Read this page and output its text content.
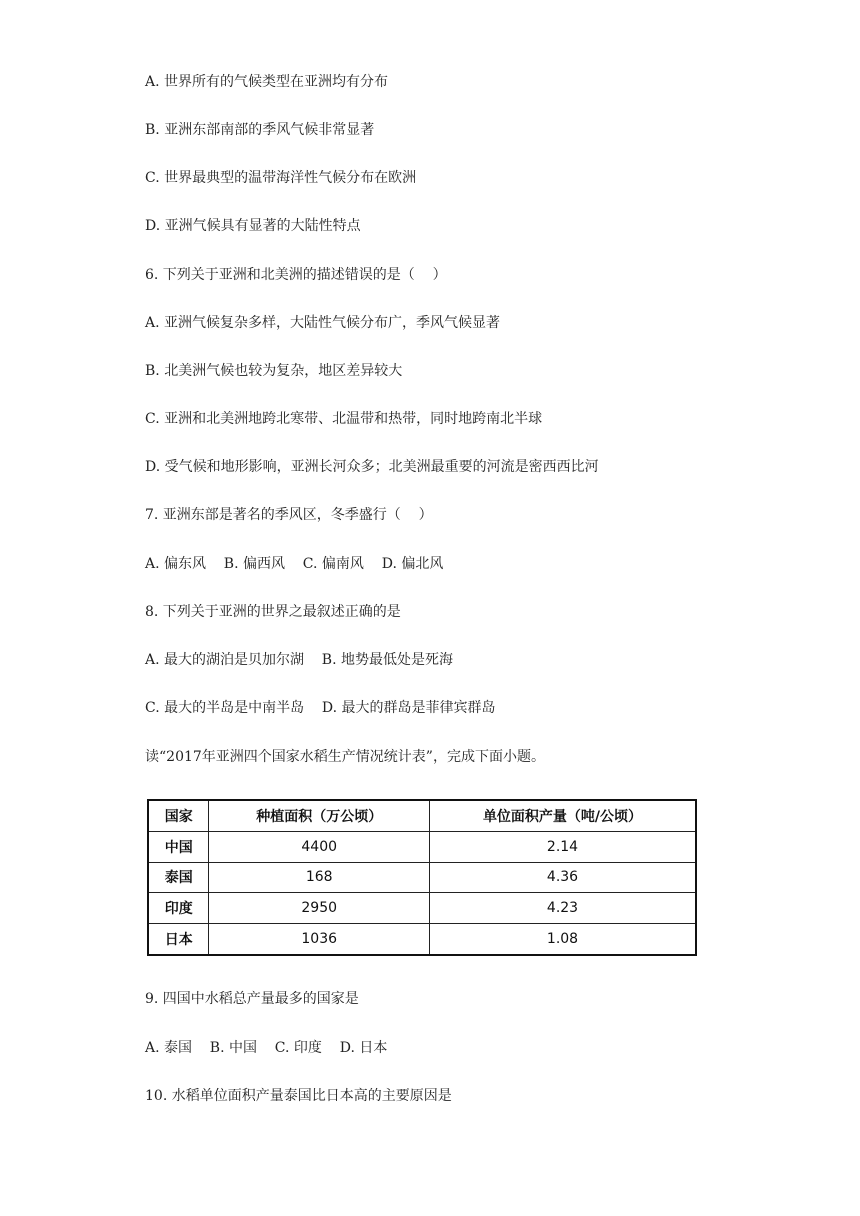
A. 世界所有的气候类型在亚洲均有分布
B. 亚洲东部南部的季风气候非常显著
C. 世界最典型的温带海洋性气候分布在欧洲
D. 亚洲气候具有显著的大陆性特点
6. 下列关于亚洲和北美洲的描述错误的是（    ）
A. 亚洲气候复杂多样，大陆性气候分布广，季风气候显著
B. 北美洲气候也较为复杂，地区差异较大
C. 亚洲和北美洲地跨北寒带、北温带和热带，同时地跨南北半球
D. 受气候和地形影响，亚洲长河众多；北美洲最重要的河流是密西西比河
7. 亚洲东部是著名的季风区，冬季盛行（    ）
A. 偏东风    B. 偏西风    C. 偏南风    D. 偏北风
8. 下列关于亚洲的世界之最叙述正确的是
A. 最大的湖泊是贝加尔湖    B. 地势最低处是死海
C. 最大的半岛是中南半岛    D. 最大的群岛是菲律宾群岛
读“2017年亚洲四个国家水稻生产情况统计表”，完成下面小题。
国家	种植面积（万公顷）	单位面积产量（吨/公顷）
中国	4400	2.14
泰国	168	4.36
印度	2950	4.23
日本	1036	1.08
9. 四国中水稻总产量最多的国家是
A. 泰国    B. 中国    C. 印度    D. 日本
10. 水稻单位面积产量泰国比日本高的主要原因是
